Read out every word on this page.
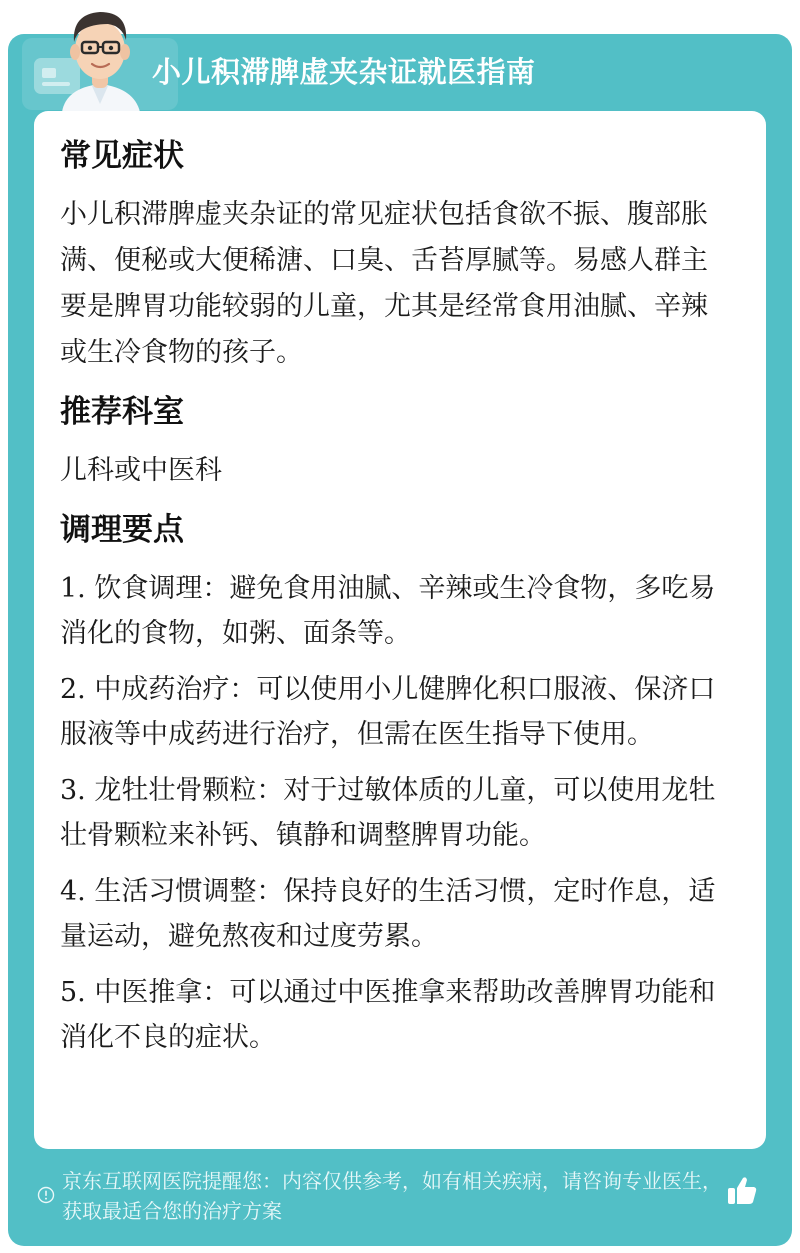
小儿积滞脾虚夹杂证就医指南
常见症状
小儿积滞脾虚夹杂证的常见症状包括食欲不振、腹部胀满、便秘或大便稀溏、口臭、舌苔厚腻等。易感人群主要是脾胃功能较弱的儿童，尤其是经常食用油腻、辛辣或生冷食物的孩子。
推荐科室
儿科或中医科
调理要点
1. 饮食调理：避免食用油腻、辛辣或生冷食物，多吃易消化的食物，如粥、面条等。
2. 中成药治疗：可以使用小儿健脾化积口服液、保济口服液等中成药进行治疗，但需在医生指导下使用。
3. 龙牡壮骨颗粒：对于过敏体质的儿童，可以使用龙牡壮骨颗粒来补钙、镇静和调整脾胃功能。
4. 生活习惯调整：保持良好的生活习惯，定时作息，适量运动，避免熬夜和过度劳累。
5. 中医推拿：可以通过中医推拿来帮助改善脾胃功能和消化不良的症状。
京东互联网医院提醒您：内容仅供参考，如有相关疾病，请咨询专业医生，获取最适合您的治疗方案
